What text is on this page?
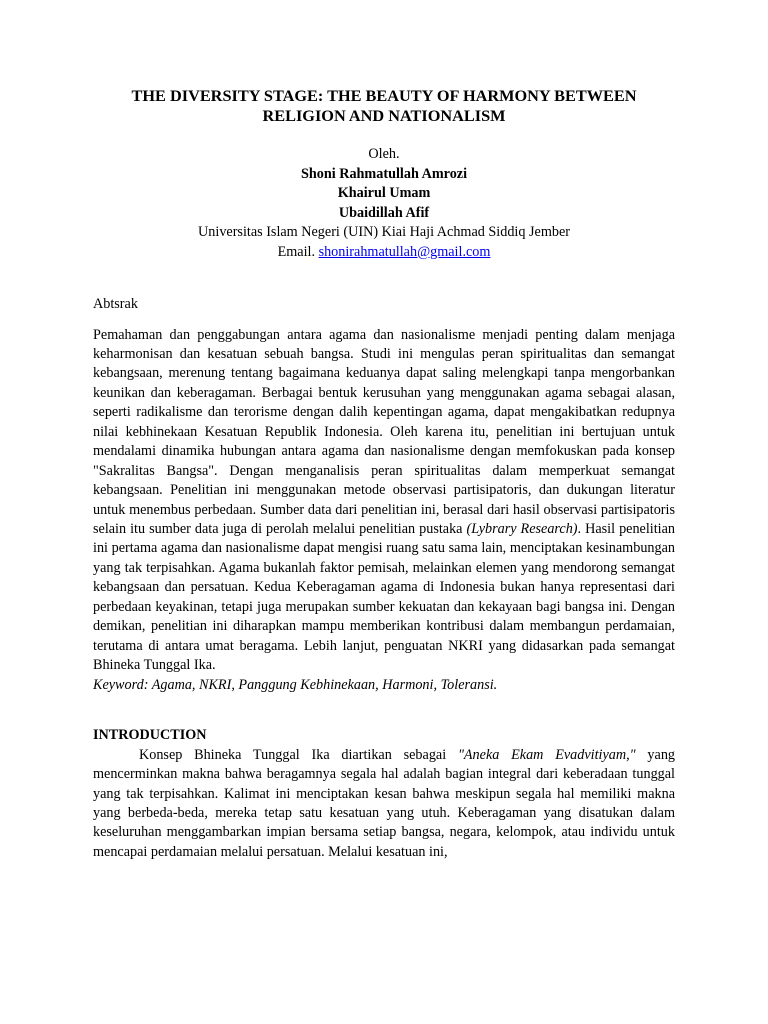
THE DIVERSITY STAGE: THE BEAUTY OF HARMONY BETWEEN
RELIGION AND NATIONALISM
Oleh.
Shoni Rahmatullah Amrozi
Khairul Umam
Ubaidillah Afif
Universitas Islam Negeri (UIN) Kiai Haji Achmad Siddiq Jember
Email. shonirahmatullah@gmail.com
Abtsrak
Pemahaman dan penggabungan antara agama dan nasionalisme menjadi penting dalam menjaga keharmonisan dan kesatuan sebuah bangsa. Studi ini mengulas peran spiritualitas dan semangat kebangsaan, merenung tentang bagaimana keduanya dapat saling melengkapi tanpa mengorbankan keunikan dan keberagaman. Berbagai bentuk kerusuhan yang menggunakan agama sebagai alasan, seperti radikalisme dan terorisme dengan dalih kepentingan agama, dapat mengakibatkan redupnya nilai kebhinekaan Kesatuan Republik Indonesia. Oleh karena itu, penelitian ini bertujuan untuk mendalami dinamika hubungan antara agama dan nasionalisme dengan memfokuskan pada konsep "Sakralitas Bangsa". Dengan menganalisis peran spiritualitas dalam memperkuat semangat kebangsaan. Penelitian ini menggunakan metode observasi partisipatoris, dan dukungan literatur untuk menembus perbedaan. Sumber data dari penelitian ini, berasal dari hasil observasi partisipatoris selain itu sumber data juga di perolah melalui penelitian pustaka (Lybrary Research). Hasil penelitian ini pertama agama dan nasionalisme dapat mengisi ruang satu sama lain, menciptakan kesinambungan yang tak terpisahkan. Agama bukanlah faktor pemisah, melainkan elemen yang mendorong semangat kebangsaan dan persatuan. Kedua Keberagaman agama di Indonesia bukan hanya representasi dari perbedaan keyakinan, tetapi juga merupakan sumber kekuatan dan kekayaan bagi bangsa ini. Dengan demikan, penelitian ini diharapkan mampu memberikan kontribusi dalam membangun perdamaian, terutama di antara umat beragama. Lebih lanjut, penguatan NKRI yang didasarkan pada semangat Bhineka Tunggal Ika.
Keyword: Agama, NKRI, Panggung Kebhinekaan, Harmoni, Toleransi.
INTRODUCTION
Konsep Bhineka Tunggal Ika diartikan sebagai "Aneka Ekam Evadvitiyam," yang mencerminkan makna bahwa beragamnya segala hal adalah bagian integral dari keberadaan tunggal yang tak terpisahkan. Kalimat ini menciptakan kesan bahwa meskipun segala hal memiliki makna yang berbeda-beda, mereka tetap satu kesatuan yang utuh. Keberagaman yang disatukan dalam keseluruhan menggambarkan impian bersama setiap bangsa, negara, kelompok, atau individu untuk mencapai perdamaian melalui persatuan. Melalui kesatuan ini,
